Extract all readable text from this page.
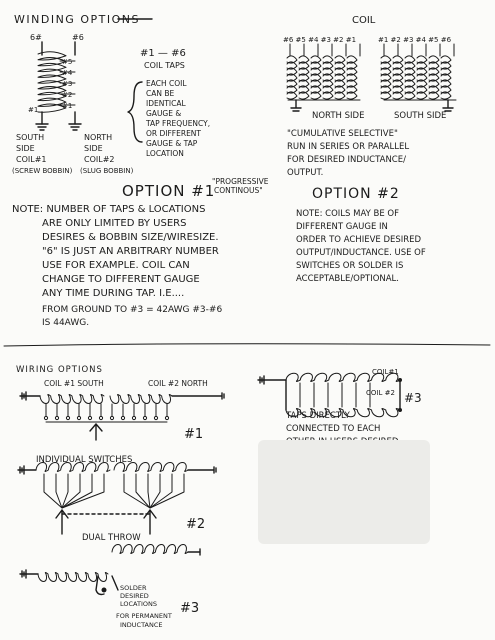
WINDING OPTIONS	COIL
6#	#6
#5
#4
#3
#2
#1
#1
SOUTH SIDE COIL#1 (SCREW BOBBIN)
NORTH SIDE COIL#2 (SLUG BOBBIN)
#1 — #6 COIL TAPS
EACH COIL CAN BE IDENTICAL GAUGE & TAP FREQUENCY, OR DIFFERENT GAUGE & TAP LOCATION
#6 #5 #4 #3 #2 #1	#1 #2 #3 #4 #5 #6
NORTH SIDE	SOUTH SIDE
"CUMULATIVE SELECTIVE" RUN IN SERIES OR PARALLEL FOR DESIRED INDUCTANCE/ OUTPUT.
OPTION #1
"PROGRESSIVE CONTINOUS"
NOTE: NUMBER OF TAPS & LOCATIONS ARE ONLY LIMITED BY USERS DESIRES & BOBBIN SIZE/WIRESIZE. "6" IS JUST AN ARBITRARY NUMBER USE FOR EXAMPLE. COIL CAN CHANGE TO DIFFERENT GAUGE ANY TIME DURING TAP. I.E.... FROM GROUND TO #3 = 42AWG #3-#6 IS 44AWG.
OPTION #2
NOTE: COILS MAY BE OF DIFFERENT GAUGE IN ORDER TO ACHIEVE DESIRED OUTPUT/INDUCTANCE. USE OF SWITCHES OR SOLDER IS ACCEPTABLE/OPTIONAL.
WIRING OPTIONS
COIL #1 SOUTH	COIL #2 NORTH
INDIVIDUAL SWITCHES
#1
COIL#1
COIL #2 #3
TAPS DIRECTLY CONNECTED TO EACH
DUAL THROW
#2
SOLDER DESIRED LOCATIONS FOR PERMANENT INDUCTANCE
#3
